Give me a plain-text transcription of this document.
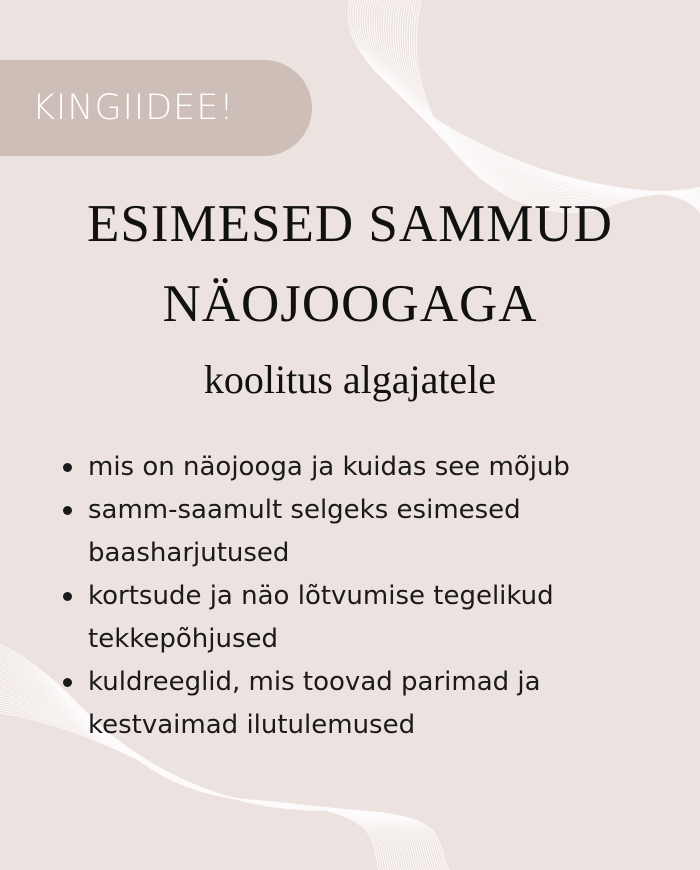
KINGIIDEE!
ESIMESED SAMMUD
NÄOJOOGAGA
koolitus algajatele
mis on näojooga ja kuidas see mõjub
samm-saamult selgeks esimesed
baasharjutused
kortsude ja näo lõtvumise tegelikud
tekkepõhjused
kuldreeglid, mis toovad parimad ja
kestvaimad ilutulemused
